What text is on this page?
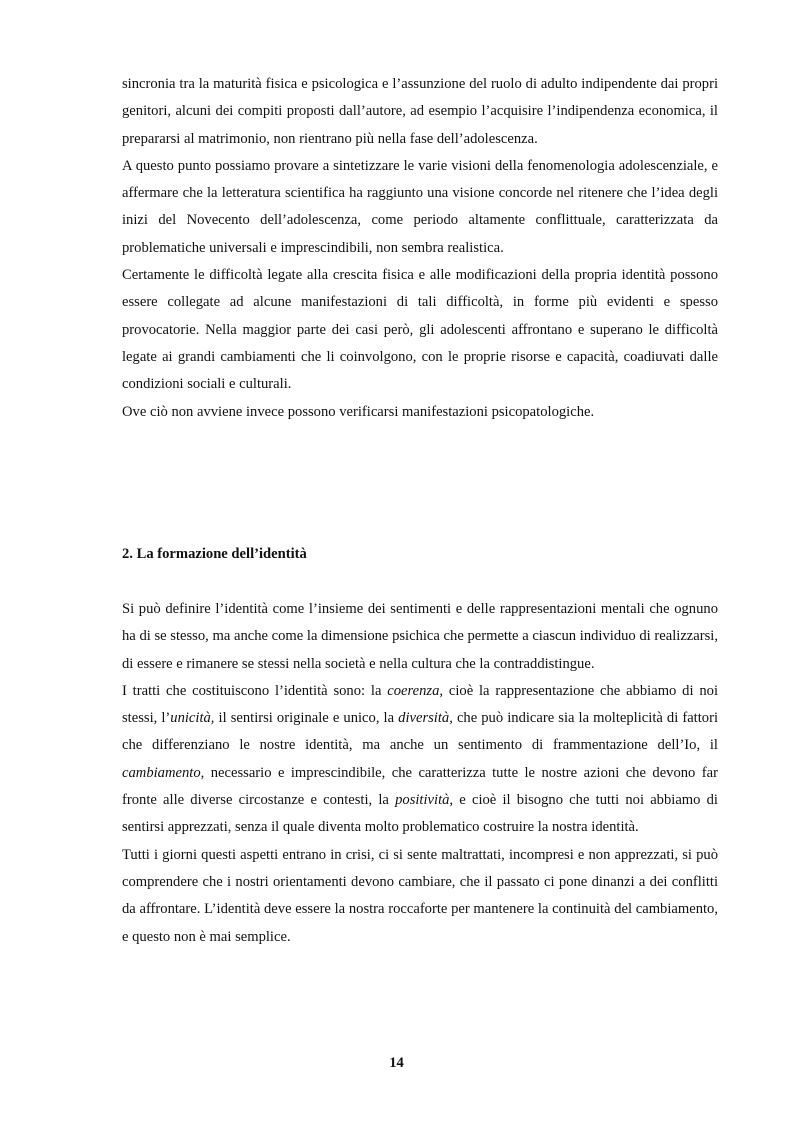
sincronia tra la maturità fisica e psicologica e l’assunzione del ruolo di adulto indipendente dai propri genitori, alcuni dei compiti proposti dall’autore, ad esempio l’acquisire l’indipendenza economica, il prepararsi al matrimonio, non rientrano più nella fase dell’adolescenza.

A questo punto possiamo provare a sintetizzare le varie visioni della fenomenologia adolescenziale, e affermare che la letteratura scientifica ha raggiunto una visione concorde nel ritenere che l’idea degli inizi del Novecento dell’adolescenza, come periodo altamente conflittuale, caratterizzata da problematiche universali e imprescindibili, non sembra realistica.

Certamente le difficoltà legate alla crescita fisica e alle modificazioni della propria identità possono essere collegate ad alcune manifestazioni di tali difficoltà, in forme più evidenti e spesso provocatorie. Nella maggior parte dei casi però, gli adolescenti affrontano e superano le difficoltà legate ai grandi cambiamenti che li coinvolgono, con le proprie risorse e capacità, coadiuvati dalle condizioni sociali e culturali.

Ove ciò non avviene invece possono verificarsi manifestazioni psicopatologiche.

2. La formazione dell’identità

Si può definire l’identità come l’insieme dei sentimenti e delle rappresentazioni mentali che ognuno ha di se stesso, ma anche come la dimensione psichica che permette a ciascun individuo di realizzarsi, di essere e rimanere se stessi nella società e nella cultura che la contraddistingue.

I tratti che costituiscono l’identità sono: la coerenza, cioè la rappresentazione che abbiamo di noi stessi, l’unicità, il sentirsi originale e unico, la diversità, che può indicare sia la molteplicità di fattori che differenziano le nostre identità, ma anche un sentimento di frammentazione dell’Io, il cambiamento, necessario e imprescindibile, che caratterizza tutte le nostre azioni che devono far fronte alle diverse circostanze e contesti, la positività, e cioè il bisogno che tutti noi abbiamo di sentirsi apprezzati, senza il quale diventa molto problematico costruire la nostra identità.

Tutti i giorni questi aspetti entrano in crisi, ci si sente maltrattati, incompresi e non apprezzati, si può comprendere che i nostri orientamenti devono cambiare, che il passato ci pone dinanzi a dei conflitti da affrontare. L’identità deve essere la nostra roccaforte per mantenere la continuità del cambiamento, e questo non è mai semplice.

14
